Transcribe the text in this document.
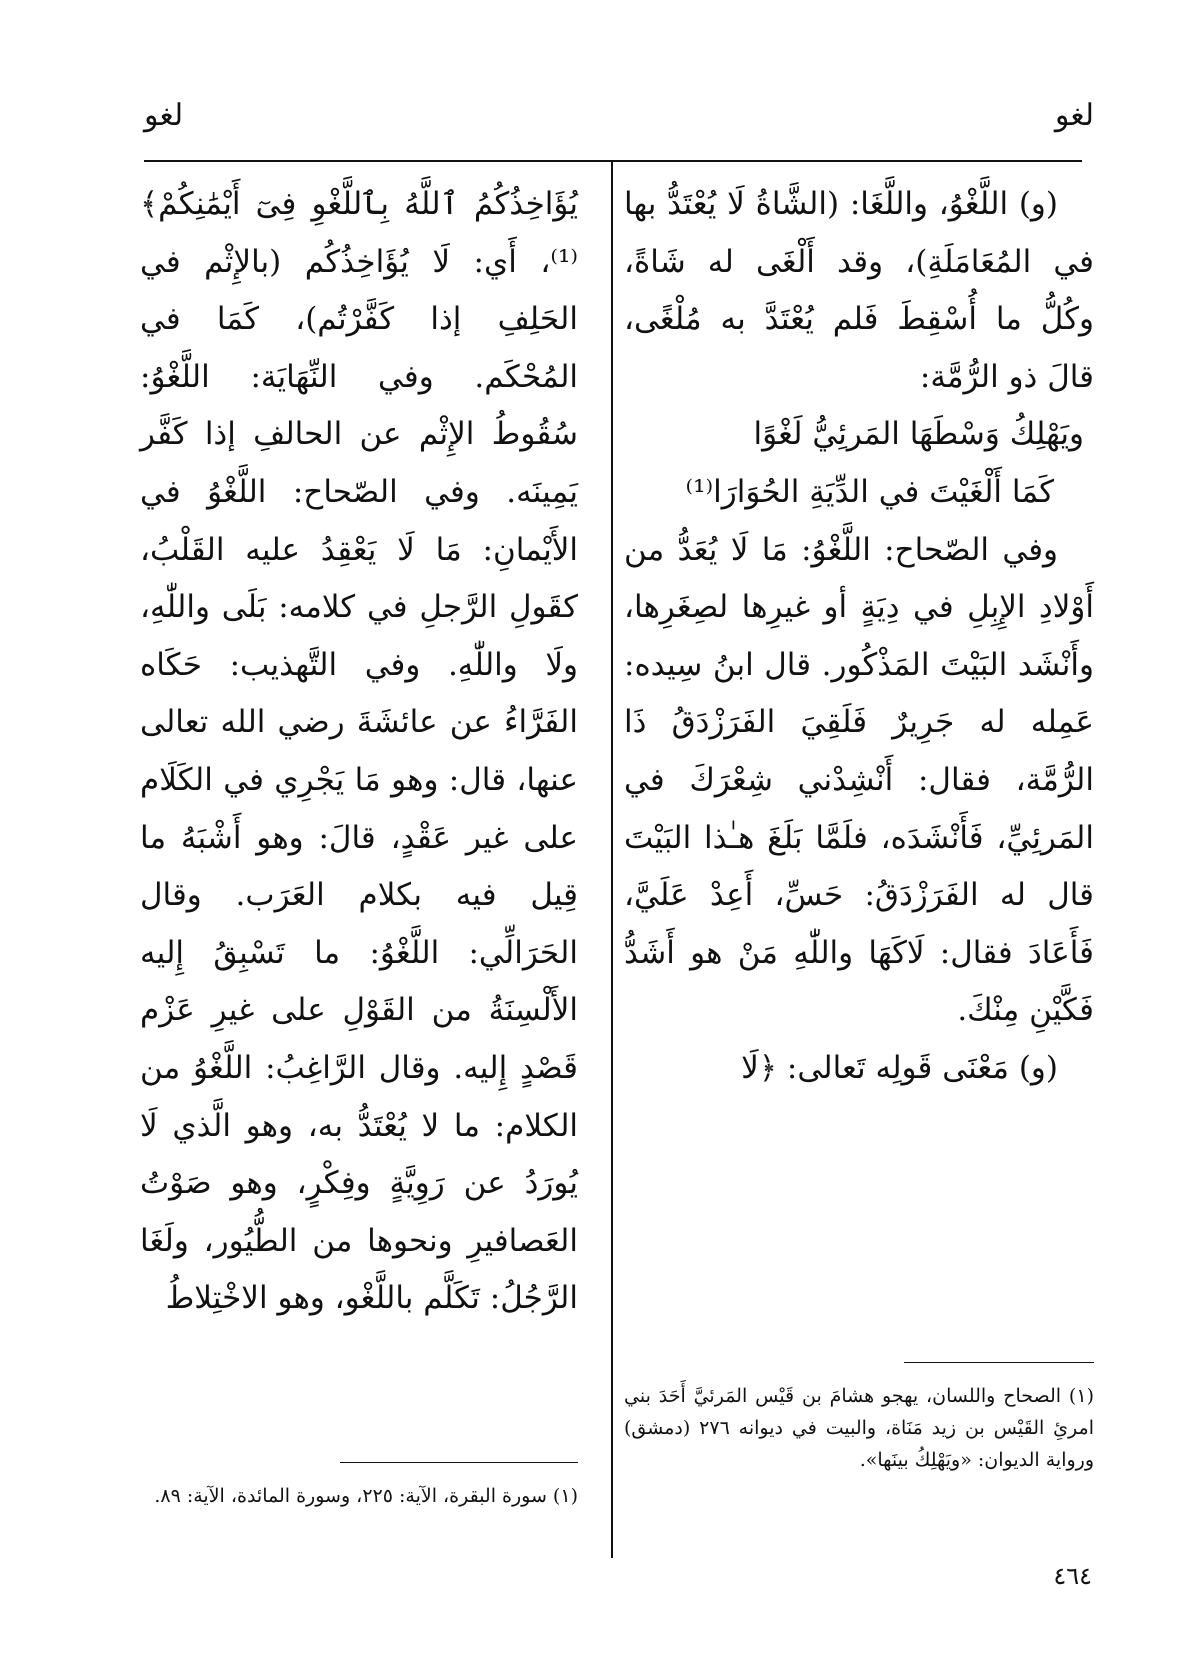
لغو
لغو

(و) اللَّغْوُ، واللَّغَا: (الشَّاةُ لَا يُعْتَدُّ بها في المُعَامَلَةِ)، وقد أَلْغَى له شَاةً، وكُلُّ ما أُسْقِطَ فَلم يُعْتَدَّ به مُلْغًى، قالَ ذو الرُّمَّة:

ويَهْلِكُ وَسْطَهَا المَرئِيُّ لَغْوًا

كَمَا أَلْغَيْتَ في الدِّيَةِ الحُوَارَا⁽¹⁾

وفي الصّحاح: اللَّغْوُ: مَا لَا يُعَدُّ من أَوْلادِ الإِبِلِ في دِيَةٍ أو غيرِها لصِغَرِها، وأَنْشَد البَيْتَ المَذْكُور. قال ابنُ سِيده: عَمِله له جَرِيرٌ فَلَقِيَ الفَرَزْدَقُ ذَا الرُّمَّة، فقال: أَنْشِدْني شِعْرَكَ في المَرئِيِّ، فَأَنْشَدَه، فلَمَّا بَلَغَ هـٰذا البَيْتَ قال له الفَرَزْدَقُ: حَسِّ، أَعِدْ عَلَيَّ، فَأَعَادَ فقال: لَاكَهَا واللّٰهِ مَنْ هو أَشَدُّ فَكَّيْنِ مِنْكَ.

(و) مَعْنَى قَولِه تَعالى: ﴿لَا

يُؤَاخِذُكُمُ ٱللَّهُ بِٱللَّغْوِ فِىٓ أَيْمَٰنِكُمْ﴾⁽¹⁾، أَي: لَا يُؤَاخِذُكُم (بالإِثْم في الحَلِفِ إذا كَفَّرْتُم)، كَمَا في المُحْكَم. وفي النِّهَايَة: اللَّغْوُ: سُقُوطُ الإِثْم عن الحالفِ إذا كَفَّر يَمِينَه. وفي الصّحاح: اللَّغْوُ في الأَيْمانِ: مَا لَا يَعْقِدُ عليه القَلْبُ، كقَولِ الرَّجلِ في كلامه: بَلَى واللّٰهِ، ولَا واللّٰهِ. وفي التَّهذيب: حَكَاه الفَرَّاءُ عن عائشَةَ رضي الله تعالى عنها، قال: وهو مَا يَجْرِي في الكَلَام على غير عَقْدٍ، قالَ: وهو أَشْبَهُ ما قِيل فيه بكلام العَرَب. وقال الحَرَالِّي: اللَّغْوُ: ما تَسْبِقُ إِليه الأَلْسِنَةُ من القَوْلِ على غيرِ عَزْم قَصْدٍ إِليه. وقال الرَّاغِبُ: اللَّغْوُ من الكلام: ما لا يُعْتَدُّ به، وهو الَّذي لَا يُورَدُ عن رَوِيَّةٍ وفِكْرٍ، وهو صَوْتُ العَصافيرِ ونحوها من الطُّيُور، ولَغَا الرَّجُلُ: تَكَلَّم باللَّغْو، وهو الاخْتِلاطُ

(١) الصحاح واللسان، يهجو هشامَ بن قَيْس المَرئيَّ أَحَدَ بني امرئِ القَيْس بن زيد مَنَاة، والبيت في ديوانه ٢٧٦ (دمشق) ورواية الديوان: «ويَهْلِكُ بينَها».

(١) سورة البقرة، الآية: ٢٢٥، وسورة المائدة، الآية: ٨٩.

٤٦٤
